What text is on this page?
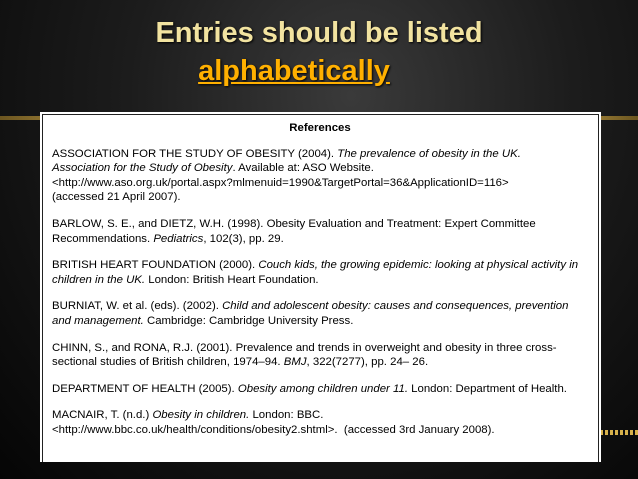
Entries should be listed
alphabetically
References
ASSOCIATION FOR THE STUDY OF OBESITY (2004). The prevalence of obesity in the UK.
Association for the Study of Obesity. Available at: ASO Website.
<http://www.aso.org.uk/portal.aspx?mlmenuid=1990&TargetPortal=36&ApplicationID=116>
(accessed 21 April 2007).
BARLOW, S. E., and DIETZ, W.H. (1998). Obesity Evaluation and Treatment: Expert Committee Recommendations. Pediatrics, 102(3), pp. 29.
BRITISH HEART FOUNDATION (2000). Couch kids, the growing epidemic: looking at physical activity in children in the UK. London: British Heart Foundation.
BURNIAT, W. et al. (eds). (2002). Child and adolescent obesity: causes and consequences, prevention and management. Cambridge: Cambridge University Press.
CHINN, S., and RONA, R.J. (2001). Prevalence and trends in overweight and obesity in three cross-sectional studies of British children, 1974–94. BMJ, 322(7277), pp. 24– 26.
DEPARTMENT OF HEALTH (2005). Obesity among children under 11. London: Department of Health.
MACNAIR, T. (n.d.) Obesity in children. London: BBC.
<http://www.bbc.co.uk/health/conditions/obesity2.shtml>. (accessed 3rd January 2008).
